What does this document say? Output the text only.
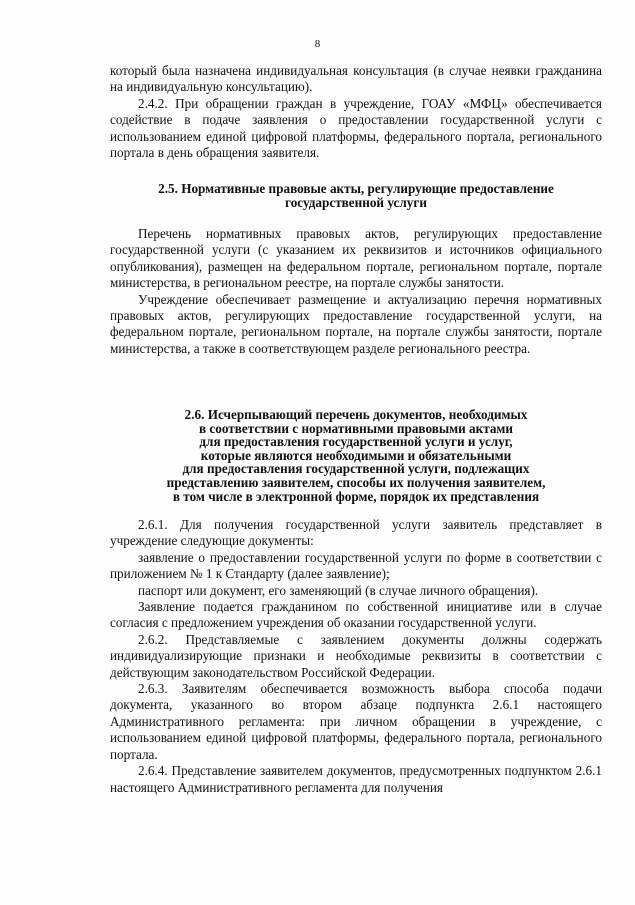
8

который была назначена индивидуальная консультация (в случае неявки гражданина на индивидуальную консультацию).

2.4.2. При обращении граждан в учреждение, ГОАУ «МФЦ» обеспечивается содействие в подаче заявления о предоставлении государственной услуги с использованием единой цифровой платформы, федерального портала, регионального портала в день обращения заявителя.

2.5. Нормативные правовые акты, регулирующие предоставление
государственной услуги

Перечень нормативных правовых актов, регулирующих предоставление государственной услуги (с указанием их реквизитов и источников официального опубликования), размещен на федеральном портале, региональном портале, портале министерства, в региональном реестре, на портале службы занятости.

Учреждение обеспечивает размещение и актуализацию перечня нормативных правовых актов, регулирующих предоставление государственной услуги, на федеральном портале, региональном портале, на портале службы занятости, портале министерства, а также в соответствующем разделе регионального реестра.

2.6. Исчерпывающий перечень документов, необходимых
в соответствии с нормативными правовыми актами
для предоставления государственной услуги и услуг,
которые являются необходимыми и обязательными
для предоставления государственной услуги, подлежащих
представлению заявителем, способы их получения заявителем,
в том числе в электронной форме, порядок их представления

2.6.1. Для получения государственной услуги заявитель представляет в учреждение следующие документы:

заявление о предоставлении государственной услуги по форме в соответствии с приложением № 1 к Стандарту (далее заявление);

паспорт или документ, его заменяющий (в случае личного обращения).

Заявление подается гражданином по собственной инициативе или в случае согласия с предложением учреждения об оказании государственной услуги.

2.6.2. Представляемые с заявлением документы должны содержать индивидуализирующие признаки и необходимые реквизиты в соответствии с действующим законодательством Российской Федерации.

2.6.3. Заявителям обеспечивается возможность выбора способа подачи документа, указанного во втором абзаце подпункта 2.6.1 настоящего Административного регламента: при личном обращении в учреждение, с использованием единой цифровой платформы, федерального портала, регионального портала.

2.6.4. Представление заявителем документов, предусмотренных подпунктом 2.6.1 настоящего Административного регламента для получения
